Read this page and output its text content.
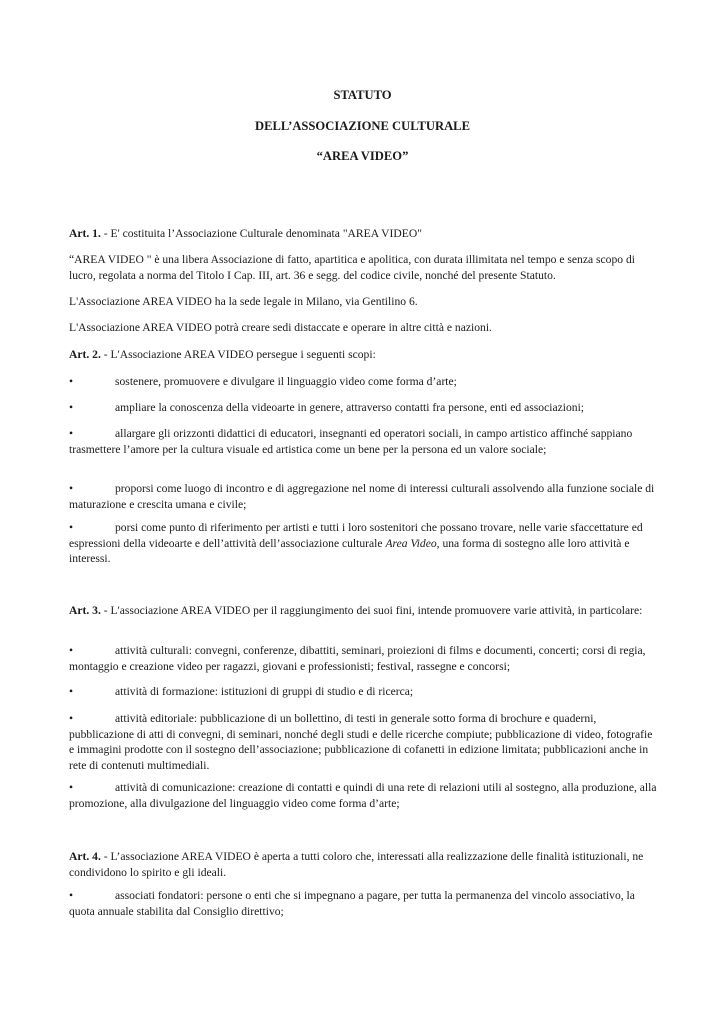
STATUTO
DELL’ASSOCIAZIONE CULTURALE
“AREA VIDEO”

Art. 1. - E' costituita l’Associazione Culturale denominata "AREA VIDEO"

“AREA VIDEO " è una libera Associazione di fatto, apartitica e apolitica, con durata illimitata nel tempo e senza scopo di lucro, regolata a norma del Titolo I Cap. III, art. 36 e segg. del codice civile, nonché del presente Statuto.

L'Associazione AREA VIDEO ha la sede legale in Milano, via Gentilino 6.

L'Associazione AREA VIDEO potrà creare sedi distaccate e operare in altre città e nazioni.

Art. 2. - L'Associazione AREA VIDEO persegue i seguenti scopi:

•	sostenere, promuovere e divulgare il linguaggio video come forma d’arte;

•	ampliare la conoscenza della videoarte in genere, attraverso contatti fra persone, enti ed associazioni;

•	allargare gli orizzonti didattici di educatori, insegnanti ed operatori sociali, in campo artistico affinché sappiano trasmettere l’amore per la cultura visuale ed artistica come un bene per la persona ed un valore sociale;

•	proporsi come luogo di incontro e di aggregazione nel nome di interessi culturali assolvendo alla funzione sociale di maturazione e crescita umana e civile;

•	porsi come punto di riferimento per artisti e tutti i loro sostenitori che possano trovare, nelle varie sfaccettature ed espressioni della videoarte e dell’attività dell’associazione culturale Area Video, una forma di sostegno alle loro attività e interessi.

Art. 3. - L'associazione AREA VIDEO per il raggiungimento dei suoi fini, intende promuovere varie attività, in particolare:

•	attività culturali: convegni, conferenze, dibattiti, seminari, proiezioni di films e documenti, concerti; corsi di regia, montaggio e creazione video per ragazzi, giovani e professionisti; festival, rassegne e concorsi;

•	attività di formazione: istituzioni di gruppi di studio e di ricerca;

•	attività editoriale: pubblicazione di un bollettino, di testi in generale sotto forma di brochure e quaderni, pubblicazione di atti di convegni, di seminari, nonché degli studi e delle ricerche compiute; pubblicazione di video, fotografie e immagini prodotte con il sostegno dell’associazione; pubblicazione di cofanetti in edizione limitata; pubblicazioni anche in rete di contenuti multimediali.

•	attività di comunicazione: creazione di contatti e quindi di una rete di relazioni utili al sostegno, alla produzione, alla promozione, alla divulgazione del linguaggio video come forma d’arte;

Art. 4. - L’associazione AREA VIDEO è aperta a tutti coloro che, interessati alla realizzazione delle finalità istituzionali, ne condividono lo spirito e gli ideali.

•	associati fondatori: persone o enti che si impegnano a pagare, per tutta la permanenza del vincolo associativo, la quota annuale stabilita dal Consiglio direttivo;
